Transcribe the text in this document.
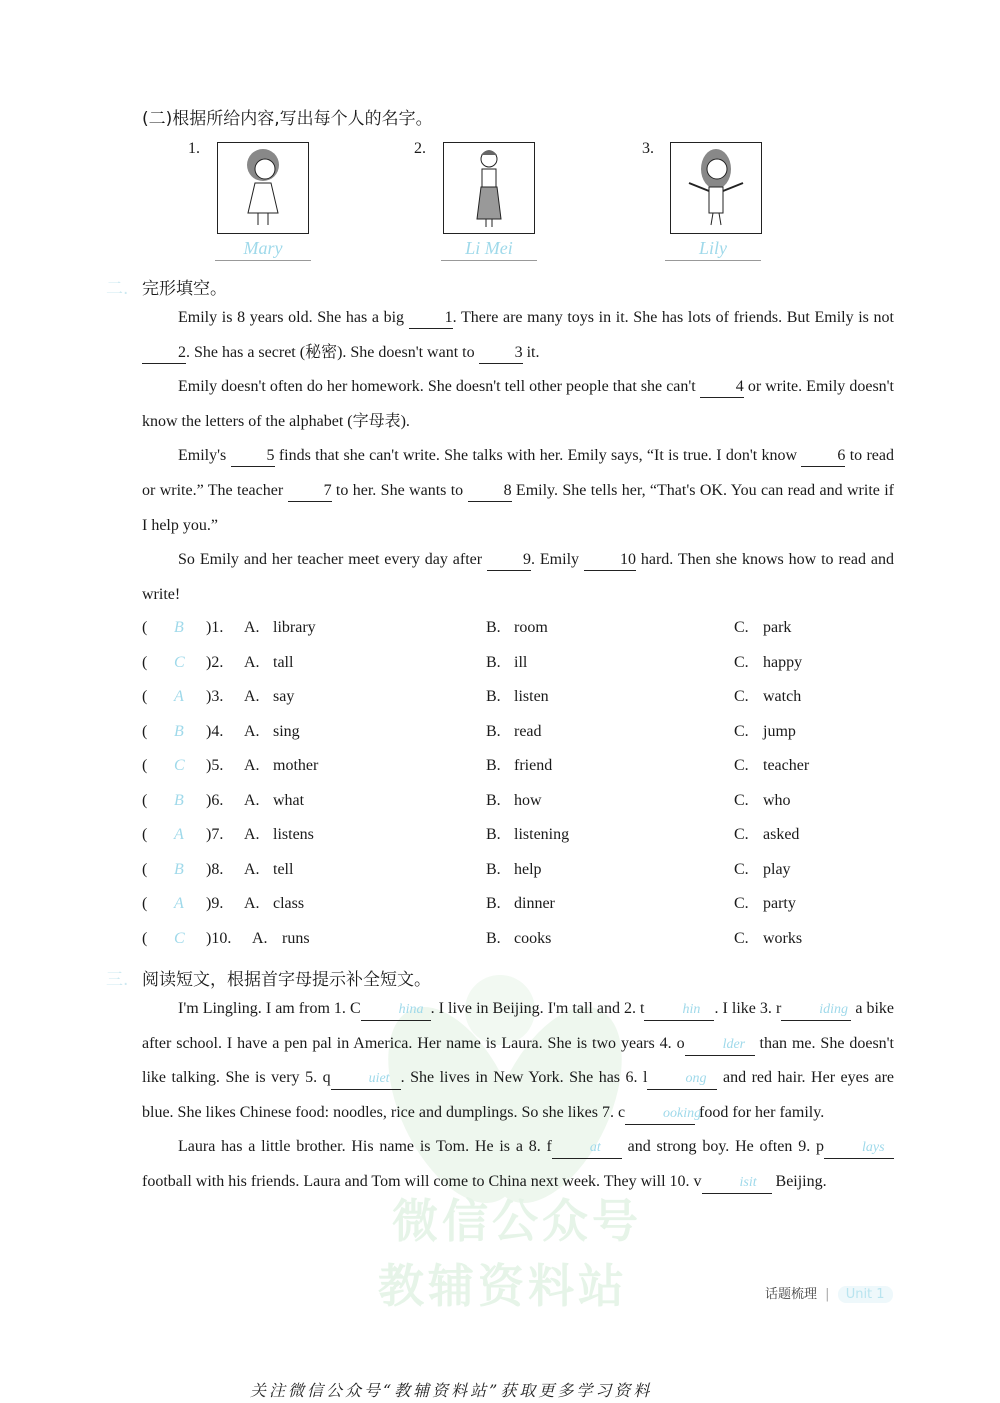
微信公众号
教辅资料站
(二)根据所给内容,写出每个人的名字。
1.
Mary
2.
Li Mei
3.
Lily
二. 完形填空。

Emily is 8 years old. She has a big 1. There are many toys in it. She has lots of friends. But Emily is not 2. She has a secret (秘密). She doesn't want to 3 it.

Emily doesn't often do her homework. She doesn't tell other people that she can't 4 or write. Emily doesn't know the letters of the alphabet (字母表).

Emily's 5 finds that she can't write. She talks with her. Emily says, “It is true. I don't know 6 to read or write.” The teacher 7 to her. She wants to 8 Emily. She tells her, “That's OK. You can read and write if I help you.”

So Emily and her teacher meet every day after 9. Emily 10 hard. Then she knows how to read and write!

( B )1. A. library	B. room	C. park
( C )2. A. tall	B. ill	C. happy
( A )3. A. say	B. listen	C. watch
( B )4. A. sing	B. read	C. jump
( C )5. A. mother	B. friend	C. teacher
( B )6. A. what	B. how	C. who
( A )7. A. listens	B. listening	C. asked
( B )8. A. tell	B. help	C. play
( A )9. A. class	B. dinner	C. party
( C )10. A. runs	B. cooks	C. works
三. 阅读短文，根据首字母提示补全短文。

I'm Lingling. I am from 1. C	hina . I live in Beijing. I'm tall and 2. t	hin . I like 3. r	iding a bike after school. I have a pen pal in America. Her name is Laura. She is two years 4. o	lder than me. She doesn't like talking. She is very 5. q	uiet . She lives in New York. She has 6. l	ong and red hair. Her eyes are blue. She likes Chinese food: noodles, rice and dumplings. So she likes 7. c	ooking food for her family.

Laura has a little brother. His name is Tom. He is a 8. f	at and strong boy. He often 9. p	lays football with his friends. Laura and Tom will come to China next week. They will 10. v	isit Beijing.

话题梳理 | Unit 1
关注微信公众号“教辅资料站”获取更多学习资料
